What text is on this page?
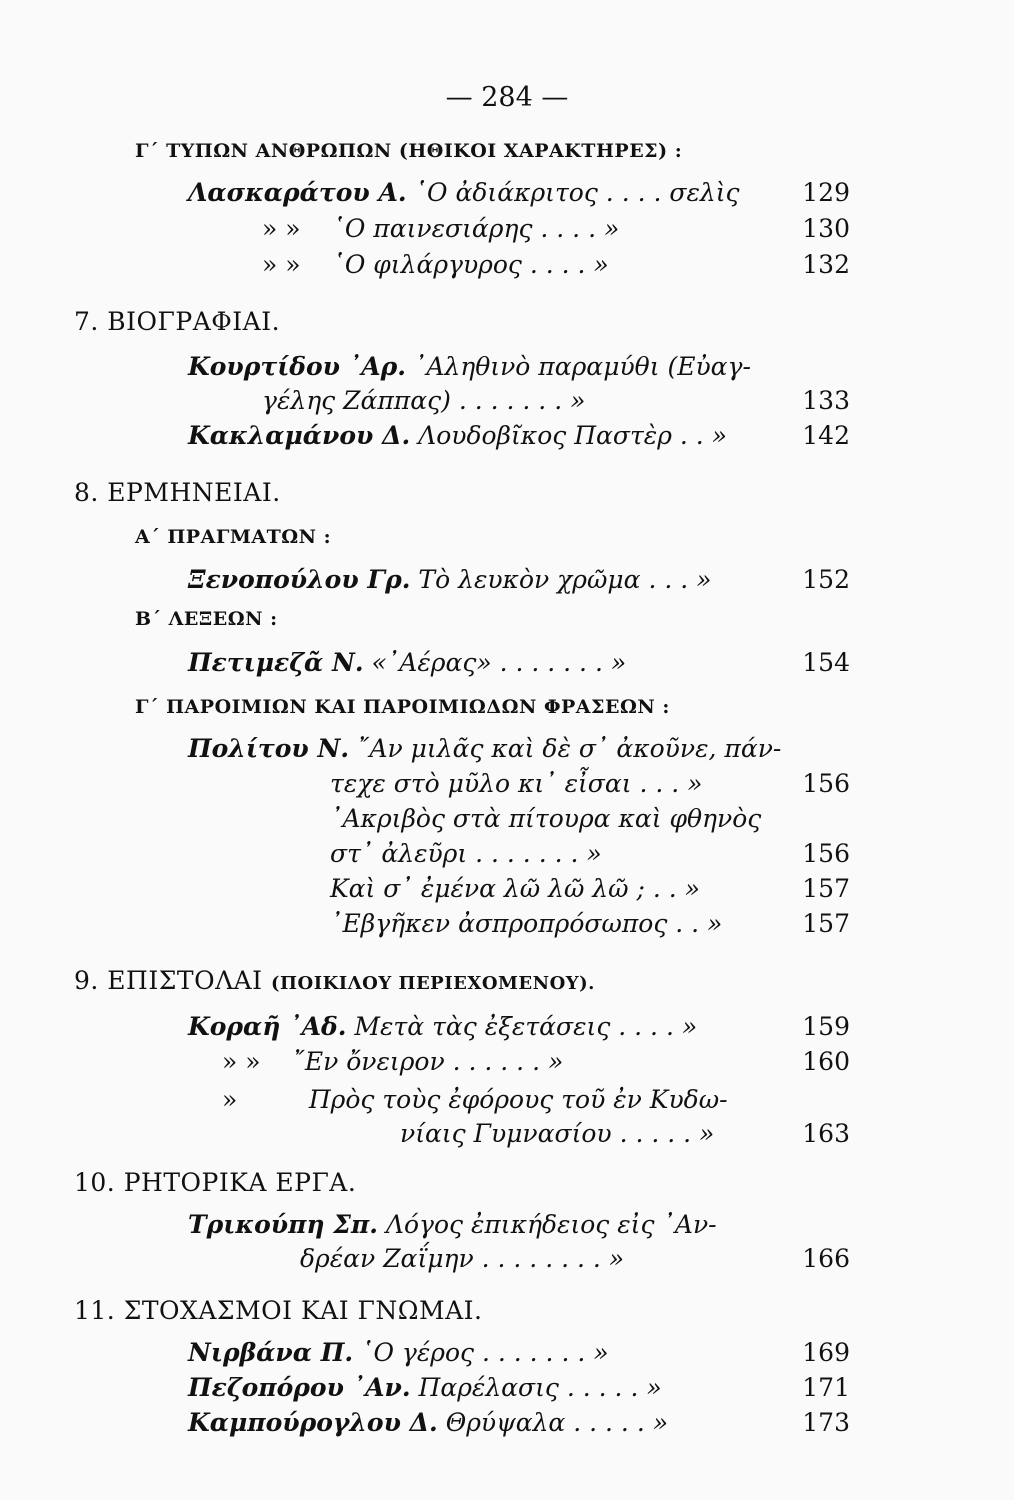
— 284 —
Γ΄ ΤΥΠΩΝ ΑΝΘΡΩΠΩΝ (ΗΘΙΚΟΙ ΧΑΡΑΚΤΗΡΕΣ) :
Λασκαράτου Α. ῾Ο ἀδιάκριτος . . . . σελὶς	129
» » ῾Ο παινεσιάρης . . . . »	130
» » ῾Ο φιλάργυρος . . . . »	132
7. ΒΙΟΓΡΑΦΙΑΙ.
Κουρτίδου ᾿Αρ. ᾿Αληθινὸ παραμύθι (Εὐαγ-
γέλης Ζάππας) . . . . . . . »	133
Κακλαμάνου Δ. Λουδοβῖκος Παστὲρ . . »	142
8. ΕΡΜΗΝΕΙΑΙ.
Α΄ ΠΡΑΓΜΑΤΩΝ :
Ξενοπούλου Γρ. Τὸ λευκὸν χρῶμα . . . »	152
Β΄ ΛΕΞΕΩΝ :
Πετιμεζᾶ Ν. «᾿Αέρας» . . . . . . . »	154
Γ΄ ΠΑΡΟΙΜΙΩΝ ΚΑΙ ΠΑΡΟΙΜΙΩΔΩΝ ΦΡΑΣΕΩΝ :
Πολίτου Ν. ῎Αν μιλᾶς καὶ δὲ σ᾿ ἀκοῦνε, πάν-
τεχε στὸ μῦλο κι᾿ εἶσαι . . . »	156
᾿Ακριβὸς στὰ πίτουρα καὶ φθηνὸς
στ᾿ ἀλεῦρι . . . . . . . »	156
Καὶ σ᾿ ἐμένα λῶ λῶ λῶ ; . . »	157
᾿Εβγῆκεν ἀσπροπρόσωπος . . »	157
9. ΕΠΙΣΤΟΛΑΙ (ΠΟΙΚΙΛΟΥ ΠΕΡΙΕΧΟΜΕΝΟΥ).
Κοραῆ ᾿Αδ. Μετὰ τὰς ἐξετάσεις . . . . »	159
» » ῎Εν ὄνειρον . . . . . . »	160
»	Πρὸς τοὺς ἐφόρους τοῦ ἐν Κυδω-
νίαις Γυμνασίου . . . . . »	163
10. ΡΗΤΟΡΙΚΑ ΕΡΓΑ.
Τρικούπη Σπ. Λόγος ἐπικήδειος εἰς ᾿Αν-
δρέαν Ζαΐμην . . . . . . . . »	166
11. ΣΤΟΧΑΣΜΟΙ ΚΑΙ ΓΝΩΜΑΙ.
Νιρβάνα Π. ῾Ο γέρος . . . . . . . »	169
Πεζοπόρου ᾿Αν. Παρέλασις . . . . . »	171
Καμπούρογλου Δ. Θρύψαλα . . . . . »	173
